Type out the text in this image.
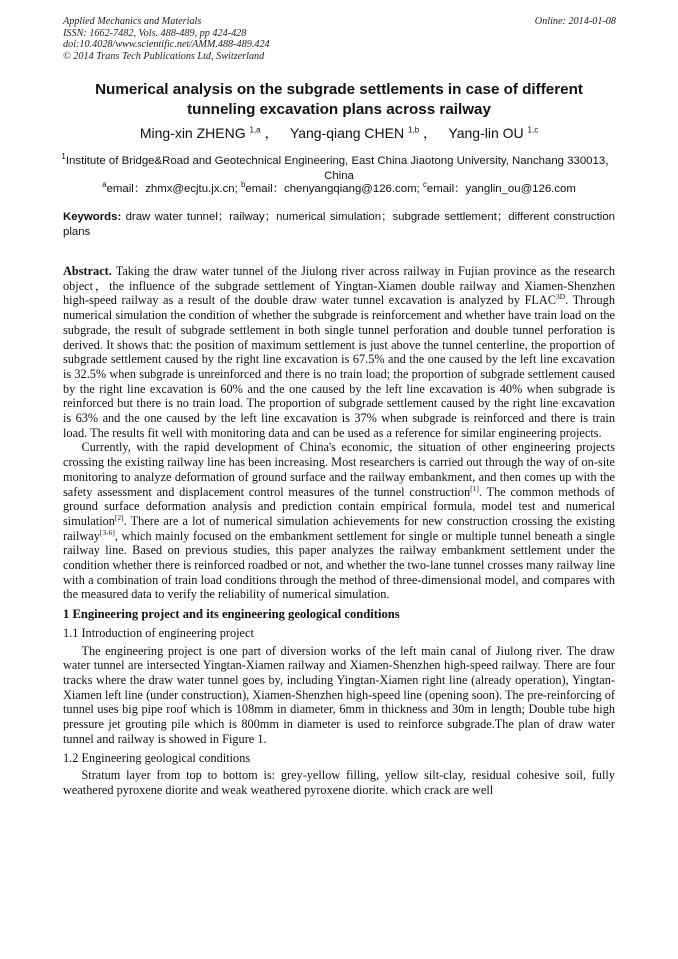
Applied Mechanics and Materials
ISSN: 1662-7482, Vols. 488-489, pp 424-428
doi:10.4028/www.scientific.net/AMM.488-489.424
© 2014 Trans Tech Publications Ltd, Switzerland
Online: 2014-01-08
Numerical analysis on the subgrade settlements in case of different tunneling excavation plans across railway
Ming-xin ZHENG $^{1,a}$ ， Yang-qiang CHEN $^{1,b}$ ， Yang-lin OU $^{1,c}$
$^1$Institute of Bridge&Road and Geotechnical Engineering, East China Jiaotong University, Nanchang 330013，China
$^a$email：zhmx@ecjtu.jx.cn; $^b$email：chenyangqiang@126.com; $^c$email：yanglin_ou@126.com
Keywords: draw water tunnel；railway；numerical simulation；subgrade settlement；different construction plans

Abstract. Taking the draw water tunnel of the Jiulong river across railway in Fujian province as the research object，the influence of the subgrade settlement of Yingtan-Xiamen double railway and Xiamen-Shenzhen high-speed railway as a result of the double draw water tunnel excavation is analyzed by $FLAC^{3D}$. Through numerical simulation the condition of whether the subgrade is reinforcement and whether have train load on the subgrade, the result of subgrade settlement in both single tunnel perforation and double tunnel perforation is derived. It shows that: the position of maximum settlement is just above the tunnel centerline, the proportion of subgrade settlement caused by the right line excavation is 67.5% and the one caused by the left line excavation is 32.5% when subgrade is unreinforced and there is no train load; the proportion of subgrade settlement caused by the right line excavation is 60% and the one caused by the left line excavation is 40% when subgrade is reinforced but there is no train load. The proportion of subgrade settlement caused by the right line excavation is 63% and the one caused by the left line excavation is 37% when subgrade is reinforced and there is train load. The results fit well with monitoring data and can be used as a reference for similar engineering projects.

Currently, with the rapid development of China's economic, the situation of other engineering projects crossing the existing railway line has been increasing. Most researchers is carried out through the way of on-site monitoring to analyze deformation of ground surface and the railway embankment, and then comes up with the safety assessment and displacement control measures of the tunnel construction[1]. The common methods of ground surface deformation analysis and prediction contain empirical formula, model test and numerical simulation[2]. There are a lot of numerical simulation achievements for new construction crossing the existing railway[3-6], which mainly focused on the embankment settlement for single or multiple tunnel beneath a single railway line. Based on previous studies, this paper analyzes the railway embankment settlement under the condition whether there is reinforced roadbed or not, and whether the two-lane tunnel crosses many railway line with a combination of train load conditions through the method of three-dimensional model, and compares with the measured data to verify the reliability of numerical simulation.

1 Engineering project and its engineering geological conditions

1.1 Introduction of engineering project

The engineering project is one part of diversion works of the left main canal of Jiulong river. The draw water tunnel are intersected Yingtan-Xiamen railway and Xiamen-Shenzhen high-speed railway. There are four tracks where the draw water tunnel goes by, including Yingtan-Xiamen right line (already operation), Yingtan-Xiamen left line (under construction), Xiamen-Shenzhen high-speed line (opening soon). The pre-reinforcing of tunnel uses big pipe roof which is 108mm in diameter, 6mm in thickness and 30m in length; Double tube high pressure jet grouting pile which is 800mm in diameter is used to reinforce subgrade.The plan of draw water tunnel and railway is showed in Figure 1.

1.2 Engineering geological conditions

Stratum layer from top to bottom is: grey-yellow filling, yellow silt-clay, residual cohesive soil, fully weathered pyroxene diorite and weak weathered pyroxene diorite. which crack are well
